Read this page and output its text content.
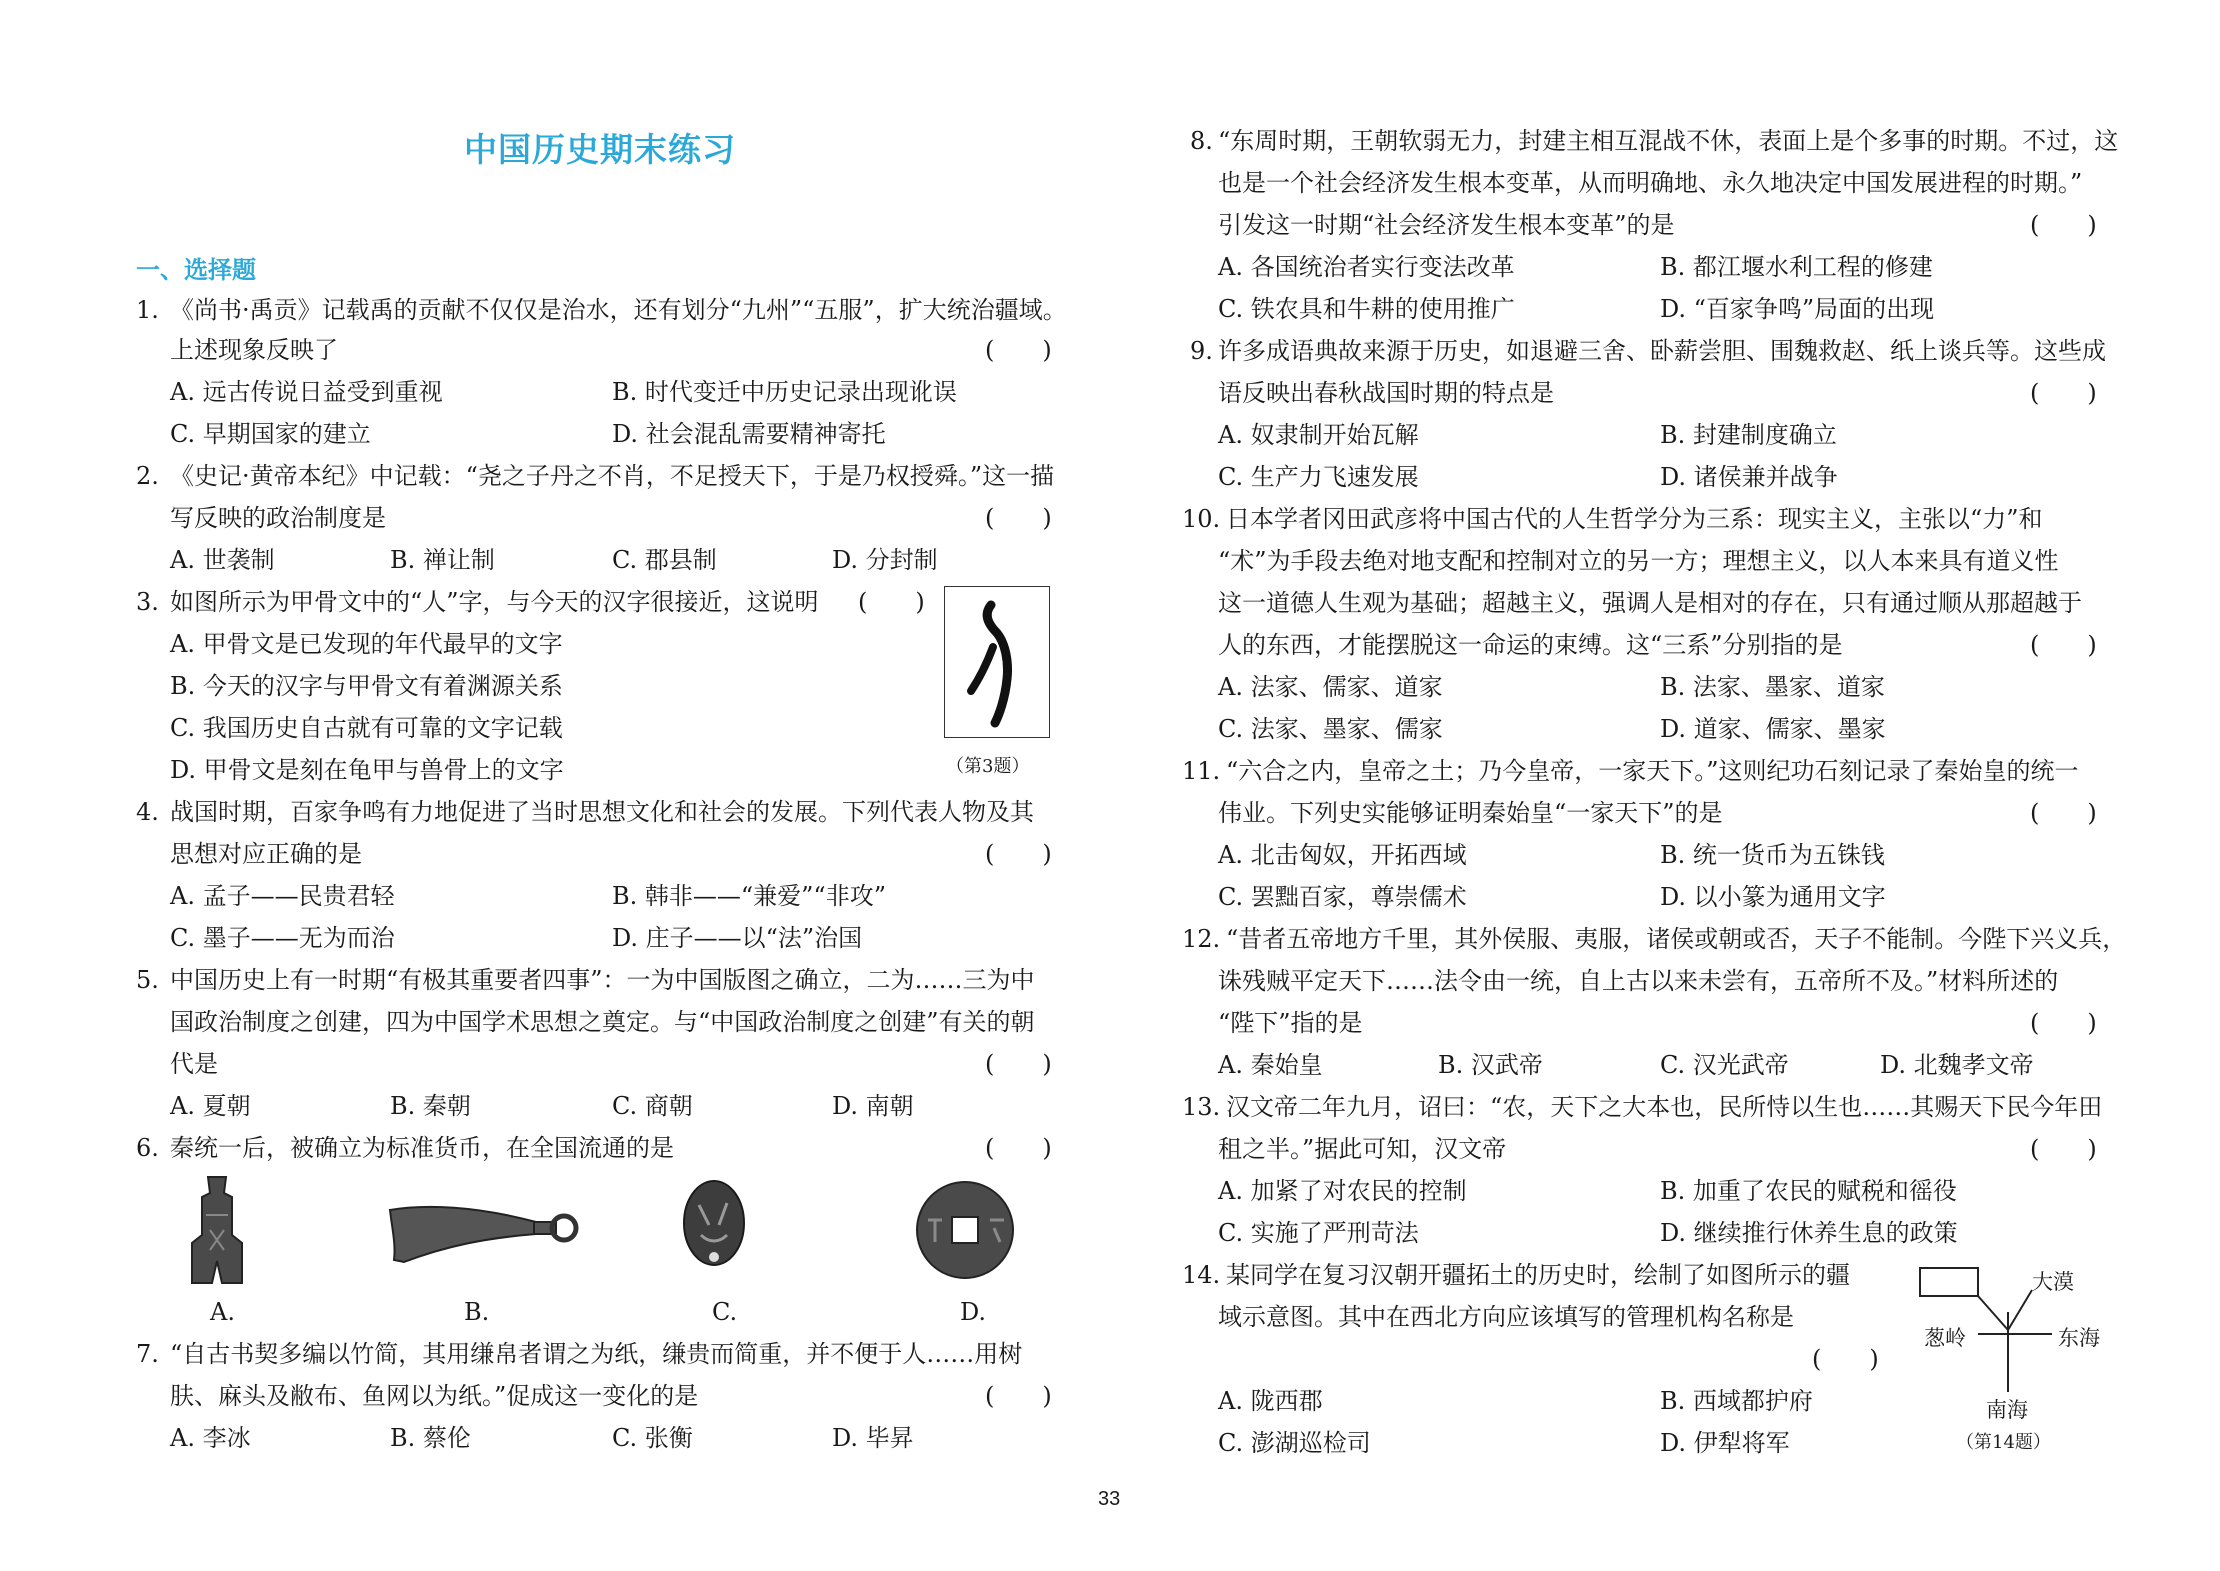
中国历史期末练习
一、选择题
1. 《尚书·禹贡》记载禹的贡献不仅仅是治水，还有划分“九州”“五服”，扩大统治疆域。
上述现象反映了	(　　)
A. 远古传说日益受到重视	B. 时代变迁中历史记录出现讹误
C. 早期国家的建立	D. 社会混乱需要精神寄托
2. 《史记·黄帝本纪》中记载：“尧之子丹之不肖，不足授天下，于是乃权授舜。”这一描
写反映的政治制度是	(　　)
A. 世袭制	B. 禅让制	C. 郡县制	D. 分封制
3. 如图所示为甲骨文中的“人”字，与今天的汉字很接近，这说明 (　　)
A. 甲骨文是已发现的年代最早的文字
B. 今天的汉字与甲骨文有着渊源关系
C. 我国历史自古就有可靠的文字记载
D. 甲骨文是刻在龟甲与兽骨上的文字	（第3题）
4. 战国时期，百家争鸣有力地促进了当时思想文化和社会的发展。下列代表人物及其
思想对应正确的是	(　　)
A. 孟子——民贵君轻	B. 韩非——“兼爱”“非攻”
C. 墨子——无为而治	D. 庄子——以“法”治国
5. 中国历史上有一时期“有极其重要者四事”：一为中国版图之确立，二为……三为中
国政治制度之创建，四为中国学术思想之奠定。与“中国政治制度之创建”有关的朝
代是	(　　)
A. 夏朝	B. 秦朝	C. 商朝	D. 南朝
6. 秦统一后，被确立为标准货币，在全国流通的是	(　　)
A.	B.	C.	D.
7. “自古书契多编以竹简，其用缣帛者谓之为纸，缣贵而简重，并不便于人……用树
肤、麻头及敝布、鱼网以为纸。”促成这一变化的是	(　　)
A. 李冰	B. 蔡伦	C. 张衡	D. 毕昇
8. “东周时期，王朝软弱无力，封建主相互混战不休，表面上是个多事的时期。不过，这
也是一个社会经济发生根本变革，从而明确地、永久地决定中国发展进程的时期。”
引发这一时期“社会经济发生根本变革”的是	(　　)
A. 各国统治者实行变法改革	B. 都江堰水利工程的修建
C. 铁农具和牛耕的使用推广	D. “百家争鸣”局面的出现
9. 许多成语典故来源于历史，如退避三舍、卧薪尝胆、围魏救赵、纸上谈兵等。这些成
语反映出春秋战国时期的特点是	(　　)
A. 奴隶制开始瓦解	B. 封建制度确立
C. 生产力飞速发展	D. 诸侯兼并战争
10. 日本学者冈田武彦将中国古代的人生哲学分为三系：现实主义，主张以“力”和
“术”为手段去绝对地支配和控制对立的另一方；理想主义，以人本来具有道义性
这一道德人生观为基础；超越主义，强调人是相对的存在，只有通过顺从那超越于
人的东西，才能摆脱这一命运的束缚。这“三系”分别指的是	(　　)
A. 法家、儒家、道家	B. 法家、墨家、道家
C. 法家、墨家、儒家	D. 道家、儒家、墨家
11. “六合之内，皇帝之土；乃今皇帝，一家天下。”这则纪功石刻记录了秦始皇的统一
伟业。下列史实能够证明秦始皇“一家天下”的是	(　　)
A. 北击匈奴，开拓西域	B. 统一货币为五铢钱
C. 罢黜百家，尊崇儒术	D. 以小篆为通用文字
12. “昔者五帝地方千里，其外侯服、夷服，诸侯或朝或否，天子不能制。今陛下兴义兵，
诛残贼平定天下……法令由一统，自上古以来未尝有，五帝所不及。”材料所述的
“陛下”指的是	(　　)
A. 秦始皇	B. 汉武帝	C. 汉光武帝	D. 北魏孝文帝
13. 汉文帝二年九月，诏曰：“农，天下之大本也，民所恃以生也……其赐天下民今年田
租之半。”据此可知，汉文帝	(　　)
A. 加紧了对农民的控制	B. 加重了农民的赋税和徭役
C. 实施了严刑苛法	D. 继续推行休养生息的政策
14. 某同学在复习汉朝开疆拓土的历史时，绘制了如图所示的疆
域示意图。其中在西北方向应该填写的管理机构名称是
(　　)
A. 陇西郡	B. 西域都护府
C. 澎湖巡检司	D. 伊犁将军
大漠
葱岭	东海
南海
（第14题）
33
